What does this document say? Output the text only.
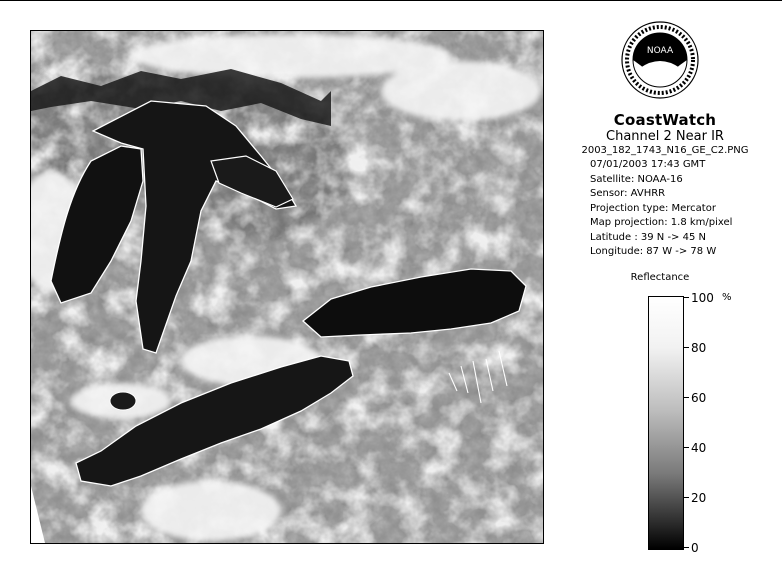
NOAA
CoastWatch
Channel 2 Near IR
2003_182_1743_N16_GE_C2.PNG
07/01/2003 17:43 GMT
Satellite: NOAA-16
Sensor: AVHRR
Projection type: Mercator
Map projection: 1.8 km/pixel
Latitude : 39 N -> 45 N
Longitude: 87 W -> 78 W
Reflectance
%
100
80
60
40
20
0
